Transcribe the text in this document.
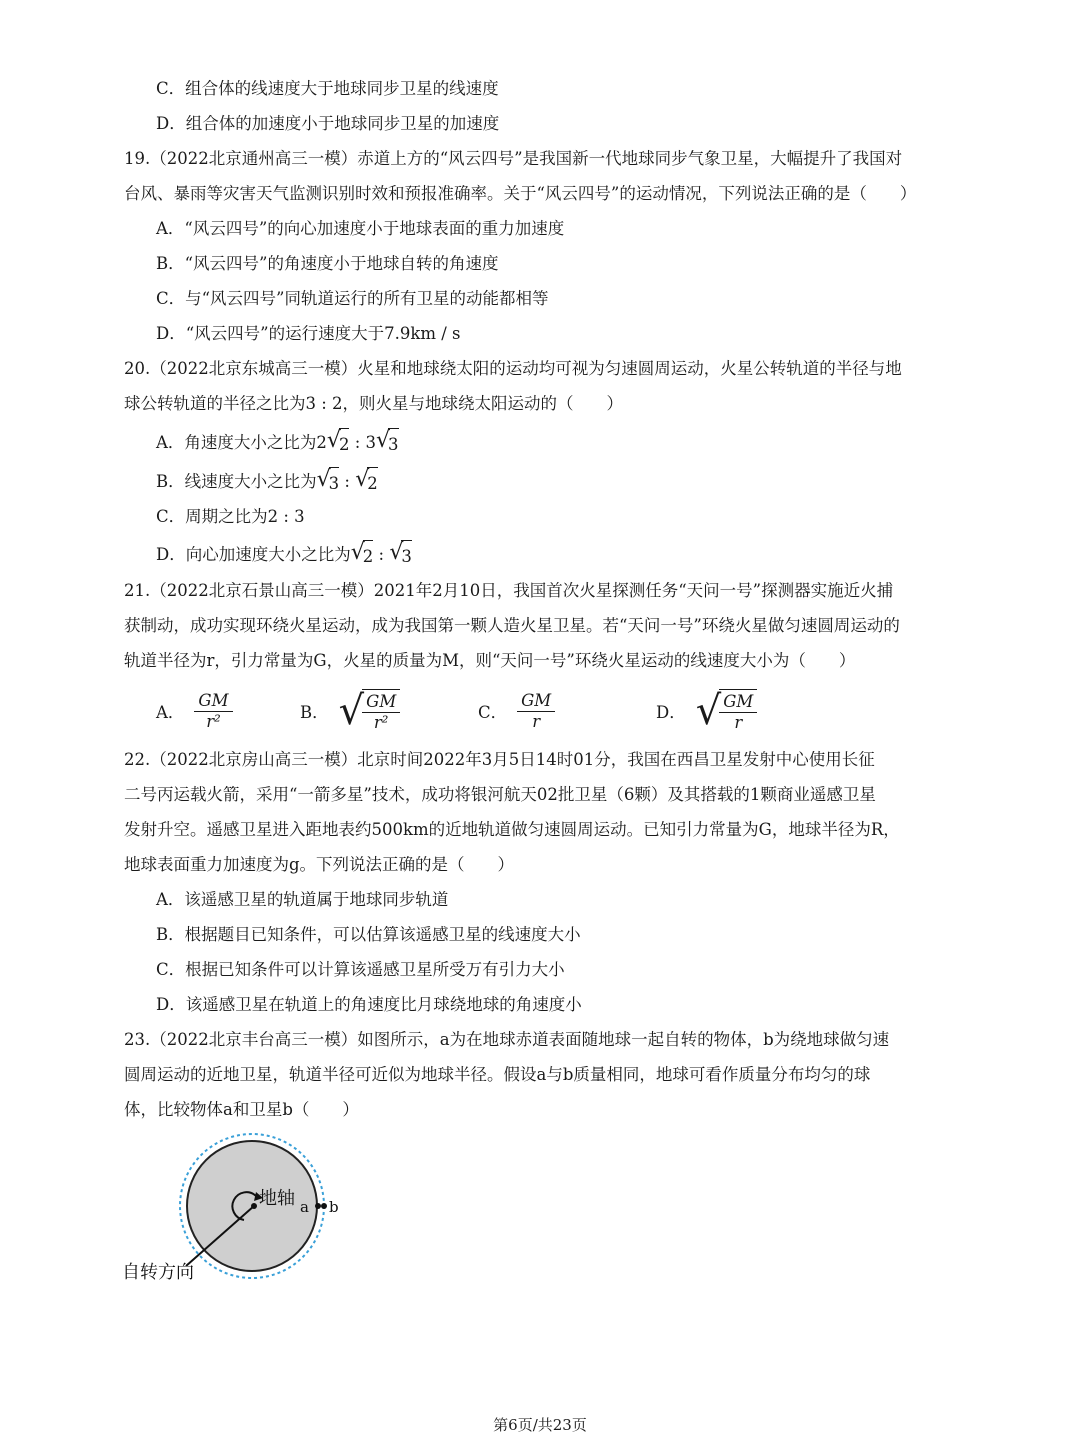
C．组合体的线速度大于地球同步卫星的线速度
D．组合体的加速度小于地球同步卫星的加速度
19.（2022北京通州高三一模）赤道上方的“风云四号”是我国新一代地球同步气象卫星，大幅提升了我国对
台风、暴雨等灾害天气监测识别时效和预报准确率。关于“风云四号”的运动情况，下列说法正确的是（　　）
A．“风云四号”的向心加速度小于地球表面的重力加速度
B．“风云四号”的角速度小于地球自转的角速度
C．与“风云四号”同轨道运行的所有卫星的动能都相等
D．“风云四号”的运行速度大于7.9km / s
20.（2022北京东城高三一模）火星和地球绕太阳的运动均可视为匀速圆周运动，火星公转轨道的半径与地
球公转轨道的半径之比为3 : 2，则火星与地球绕太阳运动的（　　）
A．角速度大小之比为2 √
2 : 3 √
3
B．线速度大小之比为 √
3 : √
2
C．周期之比为2 : 3
D．向心加速度大小之比为 √
2 : √
3
21.（2022北京石景山高三一模）2021年2月10日，我国首次火星探测任务“天问一号”探测器实施近火捕
获制动，成功实现环绕火星运动，成为我国第一颗人造火星卫星。若“天问一号”环绕火星做匀速圆周运动的
轨道半径为r，引力常量为G，火星的质量为M，则“天问一号”环绕火星运动的线速度大小为（　　）
A． $\frac{GM}{\text{r²}}$	B． √
$\frac{GM}{\text{r²}}$	C． $\frac{GM}{r}$	D． √
$\frac{GM}{r}$
22.（2022北京房山高三一模）北京时间2022年3月5日14时01分，我国在西昌卫星发射中心使用长征
二号丙运载火箭，采用“一箭多星”技术，成功将银河航天02批卫星（6颗）及其搭载的1颗商业遥感卫星
发射升空。遥感卫星进入距地表约500km的近地轨道做匀速圆周运动。已知引力常量为G，地球半径为R，
地球表面重力加速度为g。下列说法正确的是（　　）
A．该遥感卫星的轨道属于地球同步轨道
B．根据题目已知条件，可以估算该遥感卫星的线速度大小
C．根据已知条件可以计算该遥感卫星所受万有引力大小
D．该遥感卫星在轨道上的角速度比月球绕地球的角速度小
23.（2022北京丰台高三一模）如图所示，a为在地球赤道表面随地球一起自转的物体，b为绕地球做匀速
圆周运动的近地卫星，轨道半径可近似为地球半径。假设a与b质量相同，地球可看作质量分布均匀的球
体，比较物体a和卫星b（　　）
地轴 a b
自转方向
第6页/共23页
